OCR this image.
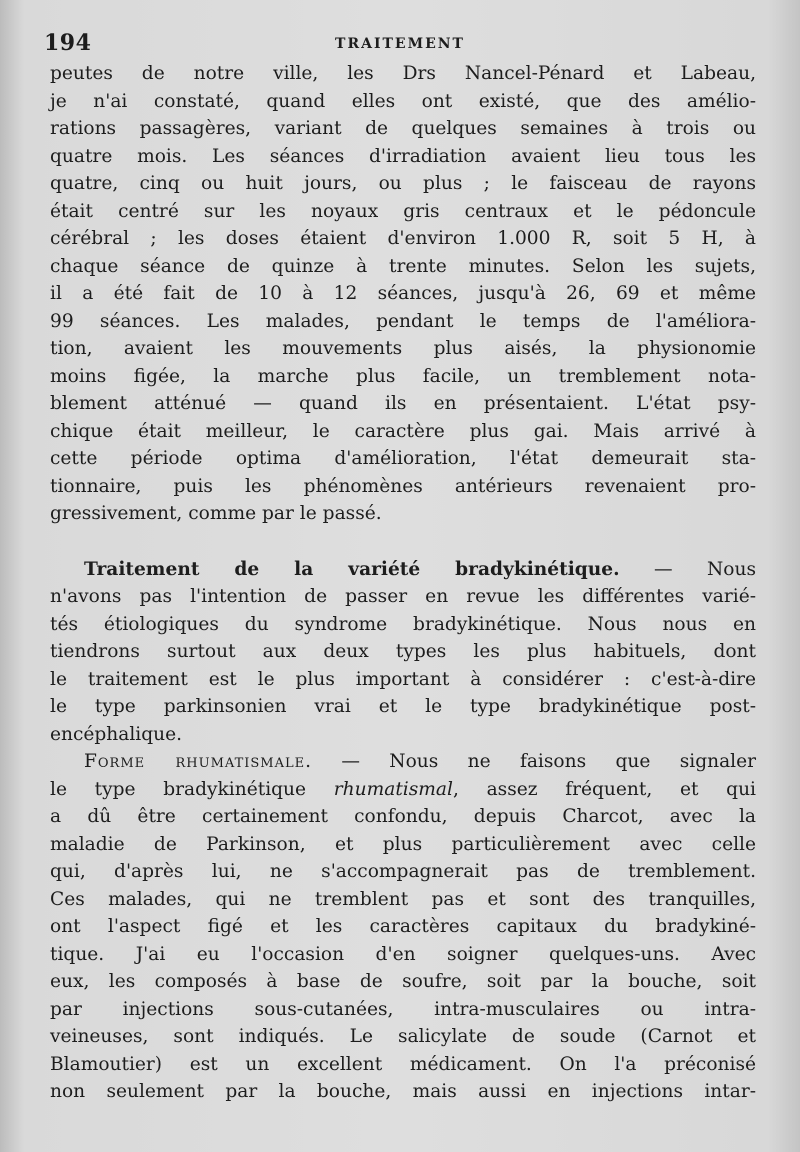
194	TRAITEMENT
peutes de notre ville, les Drs Nancel-Pénard et Labeau,
je n'ai constaté, quand elles ont existé, que des amélio-
rations passagères, variant de quelques semaines à trois ou
quatre mois. Les séances d'irradiation avaient lieu tous les
quatre, cinq ou huit jours, ou plus ; le faisceau de rayons
était centré sur les noyaux gris centraux et le pédoncule
cérébral ; les doses étaient d'environ 1.000 R, soit 5 H, à
chaque séance de quinze à trente minutes. Selon les sujets,
il a été fait de 10 à 12 séances, jusqu'à 26, 69 et même
99 séances. Les malades, pendant le temps de l'améliora-
tion, avaient les mouvements plus aisés, la physionomie
moins figée, la marche plus facile, un tremblement nota-
blement atténué — quand ils en présentaient. L'état psy-
chique était meilleur, le caractère plus gai. Mais arrivé à
cette période optima d'amélioration, l'état demeurait sta-
tionnaire, puis les phénomènes antérieurs revenaient pro-
gressivement, comme par le passé.
Traitement de la variété bradykinétique. — Nous
n'avons pas l'intention de passer en revue les différentes varié-
tés étiologiques du syndrome bradykinétique. Nous nous en
tiendrons surtout aux deux types les plus habituels, dont
le traitement est le plus important à considérer : c'est-à-dire
le type parkinsonien vrai et le type bradykinétique post-
encéphalique.
Forme rhumatismale. — Nous ne faisons que signaler
le type bradykinétique rhumatismal, assez fréquent, et qui
a dû être certainement confondu, depuis Charcot, avec la
maladie de Parkinson, et plus particulièrement avec celle
qui, d'après lui, ne s'accompagnerait pas de tremblement.
Ces malades, qui ne tremblent pas et sont des tranquilles,
ont l'aspect figé et les caractères capitaux du bradykiné-
tique. J'ai eu l'occasion d'en soigner quelques-uns. Avec
eux, les composés à base de soufre, soit par la bouche, soit
par injections sous-cutanées, intra-musculaires ou intra-
veineuses, sont indiqués. Le salicylate de soude (Carnot et
Blamoutier) est un excellent médicament. On l'a préconisé
non seulement par la bouche, mais aussi en injections intar-
